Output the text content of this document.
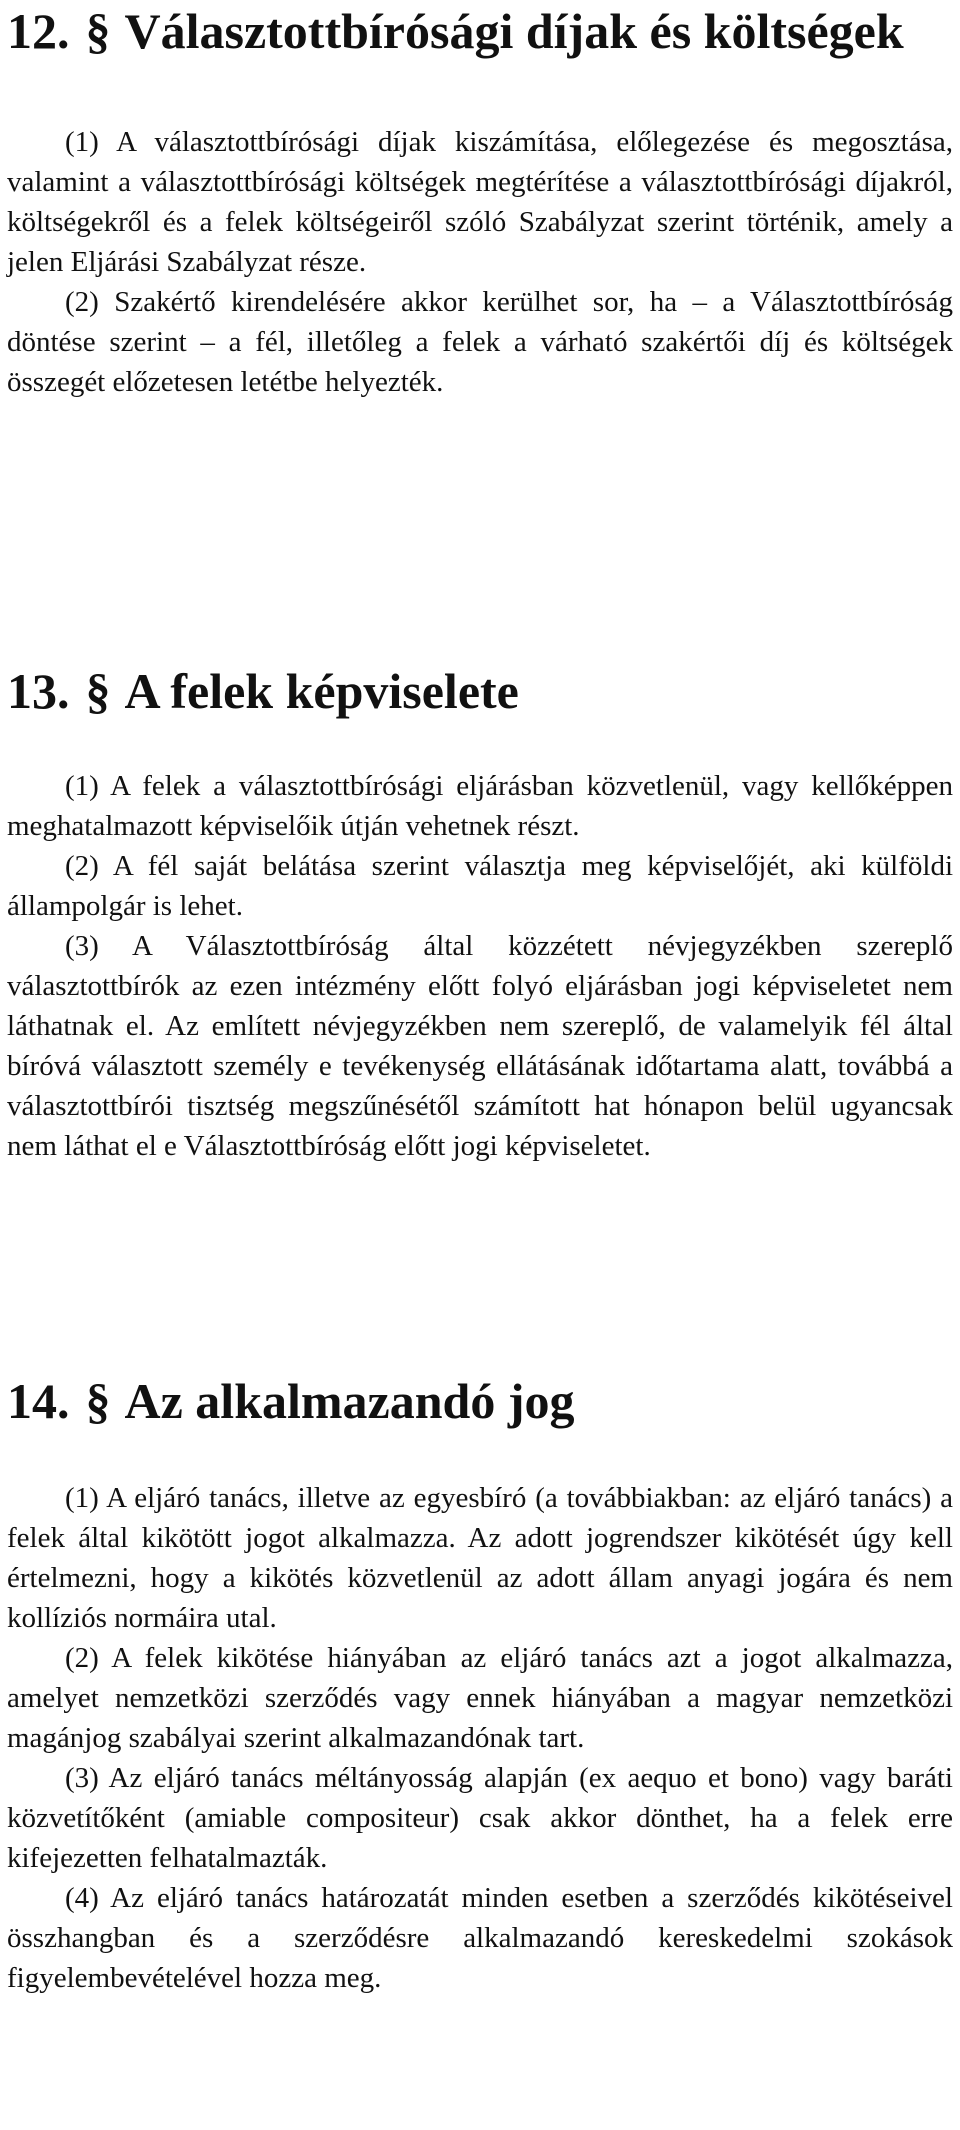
12. § Választottbírósági díjak és költségek

(1) A választottbírósági díjak kiszámítása, előlegezése és megosztása, valamint a választottbírósági költségek megtérítése a választottbírósági díjakról, költségekről és a felek költségeiről szóló Szabályzat szerint történik, amely a jelen Eljárási Szabályzat része.

(2) Szakértő kirendelésére akkor kerülhet sor, ha – a Választottbíróság döntése szerint – a fél, illetőleg a felek a várható szakértői díj és költségek összegét előzetesen letétbe helyezték.

13. § A felek képviselete

(1) A felek a választottbírósági eljárásban közvetlenül, vagy kellőképpen meghatalmazott képviselőik útján vehetnek részt.

(2) A fél saját belátása szerint választja meg képviselőjét, aki külföldi állampolgár is lehet.

(3) A Választottbíróság által közzétett névjegyzékben szereplő választottbírók az ezen intézmény előtt folyó eljárásban jogi képviseletet nem láthatnak el. Az említett névjegyzékben nem szereplő, de valamelyik fél által bíróvá választott személy e tevékenység ellátásának időtartama alatt, továbbá a választottbírói tisztség megszűnésétől számított hat hónapon belül ugyancsak nem láthat el e Választottbíróság előtt jogi képviseletet.

14. § Az alkalmazandó jog

(1) A eljáró tanács, illetve az egyesbíró (a továbbiakban: az eljáró tanács) a felek által kikötött jogot alkalmazza. Az adott jogrendszer kikötését úgy kell értelmezni, hogy a kikötés közvetlenül az adott állam anyagi jogára és nem kollíziós normáira utal.

(2) A felek kikötése hiányában az eljáró tanács azt a jogot alkalmazza, amelyet nemzetközi szerződés vagy ennek hiányában a magyar nemzetközi magánjog szabályai szerint alkalmazandónak tart.

(3) Az eljáró tanács méltányosság alapján (ex aequo et bono) vagy baráti közvetítőként (amiable compositeur) csak akkor dönthet, ha a felek erre kifejezetten felhatalmazták.

(4) Az eljáró tanács határozatát minden esetben a szerződés kikötéseivel összhangban és a szerződésre alkalmazandó kereskedelmi szokások figyelembevételével hozza meg.
